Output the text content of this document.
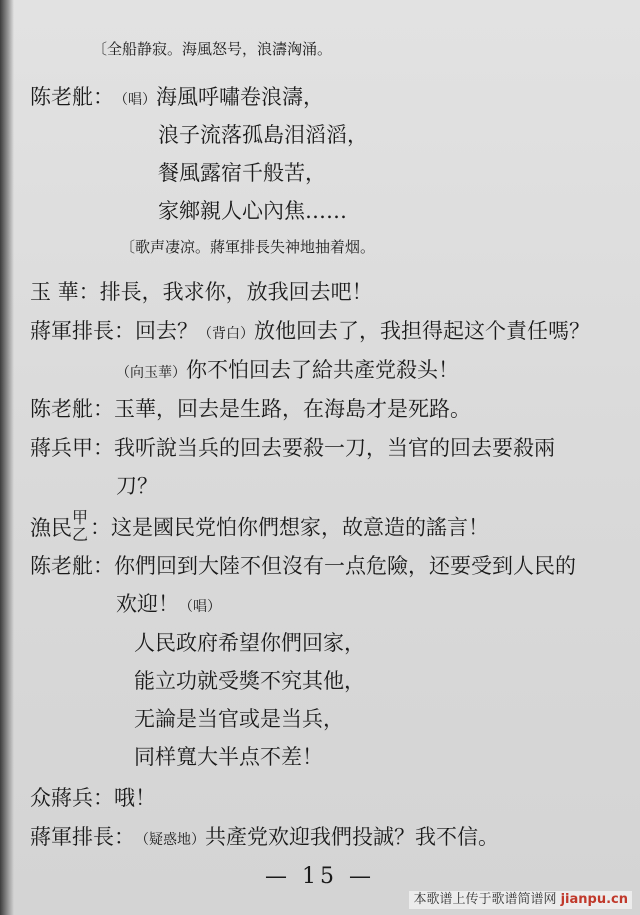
〔全船静寂。海風怒号，浪濤洶涌。
陈老舭：（唱）海風呼嘯卷浪濤，
浪子流落孤島泪滔滔，
餐風露宿千般苦，
家鄉親人心內焦……
〔歌声凄凉。蔣軍排長失神地抽着烟。
玉 華：排長，我求你，放我回去吧！
蔣軍排長：回去？（背白）放他回去了，我担得起这个責任嗎？
（向玉華）你不怕回去了給共產党殺头！
陈老舭：玉華，回去是生路，在海島才是死路。
蔣兵甲：我听說当兵的回去要殺一刀，当官的回去要殺兩
刀？
漁民 甲
乙 ：这是國民党怕你們想家，故意造的謠言！
陈老舭：你們回到大陸不但沒有一点危險，还要受到人民的
欢迎！（唱）
人民政府希望你們回家，
能立功就受獎不究其他，
无論是当官或是当兵，
同样寬大半点不差！
众蔣兵：哦！
蔣軍排長：（疑惑地）共產党欢迎我們投誠？我不信。
— 15 —
本歌谱上传于歌谱简谱网 jianpu.cn
